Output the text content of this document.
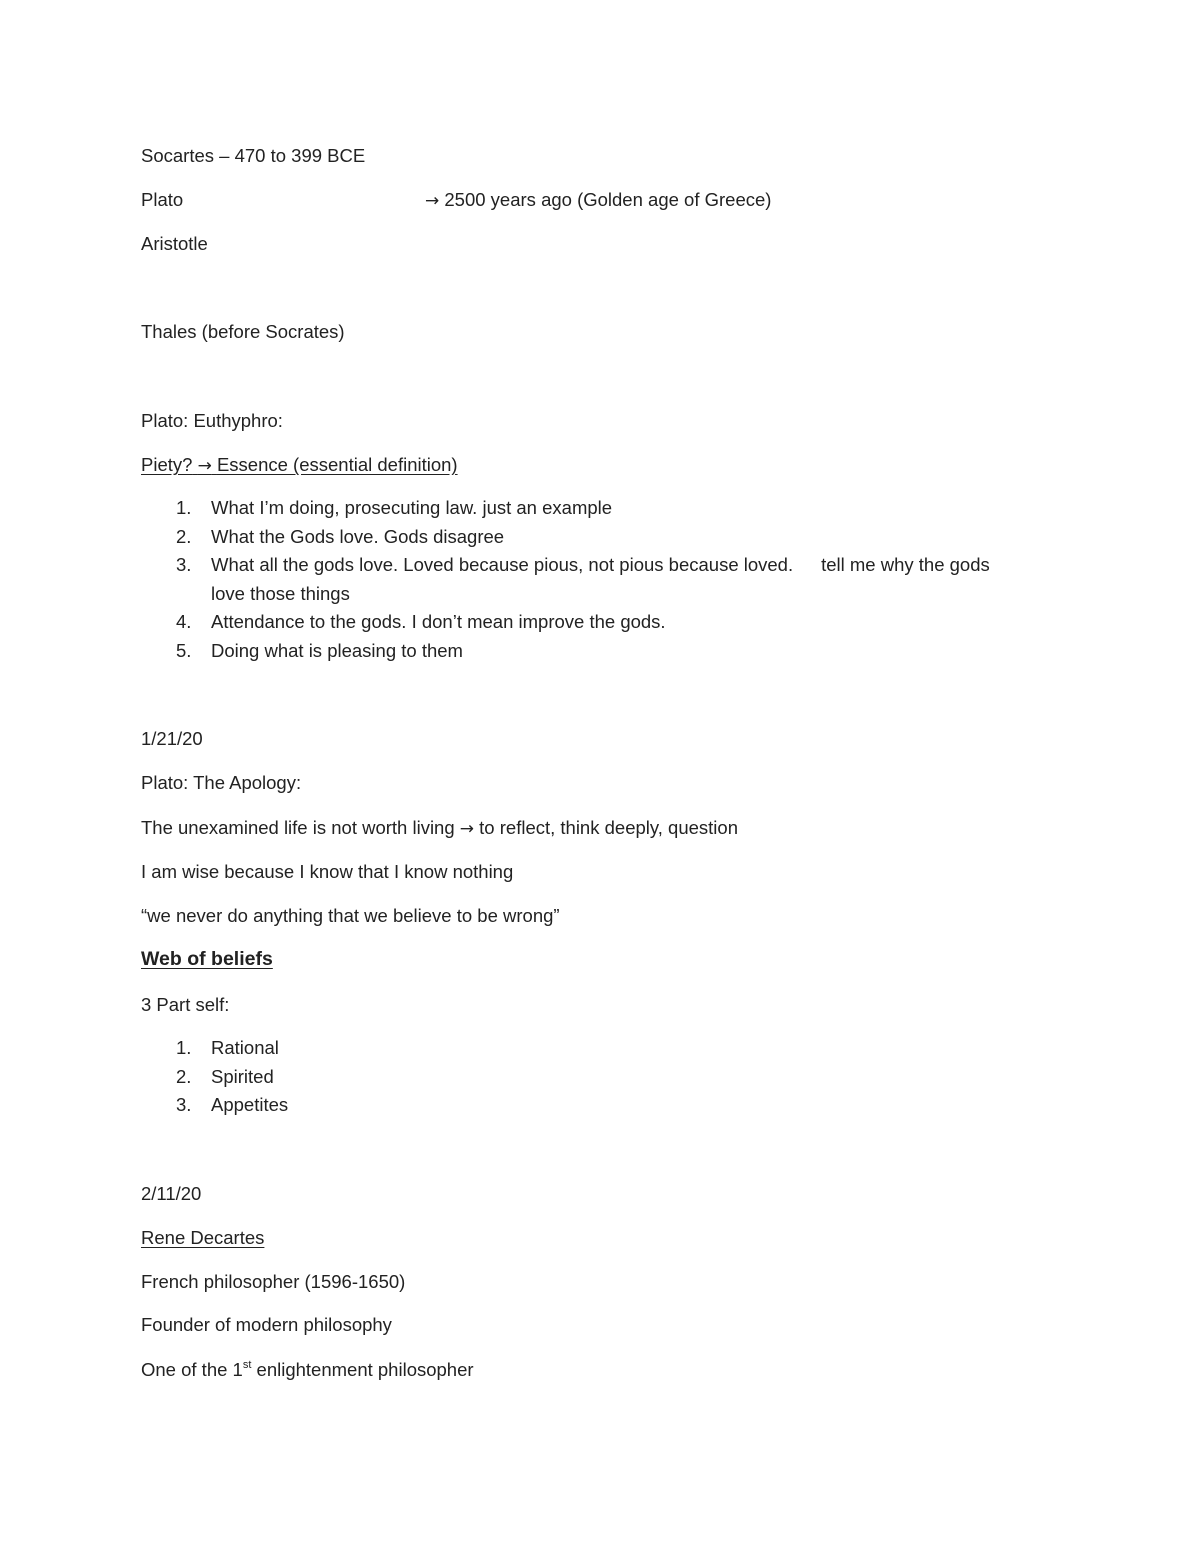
Socartes – 470 to 399 BCE
Plato	→ 2500 years ago (Golden age of Greece)
Aristotle
Thales (before Socrates)
Plato: Euthyphro:
Piety? → Essence (essential definition)
1. What I’m doing, prosecuting law. just an example
2. What the Gods love. Gods disagree
3. What all the gods love. Loved because pious, not pious because loved. tell me why the gods
love those things
4. Attendance to the gods. I don’t mean improve the gods.
5. Doing what is pleasing to them
1/21/20
Plato: The Apology:
The unexamined life is not worth living → to reflect, think deeply, question
I am wise because I know that I know nothing
“we never do anything that we believe to be wrong”
Web of beliefs
3 Part self:
1. Rational
2. Spirited
3. Appetites
2/11/20
Rene Decartes
French philosopher (1596-1650)
Founder of modern philosophy
One of the 1st enlightenment philosopher
